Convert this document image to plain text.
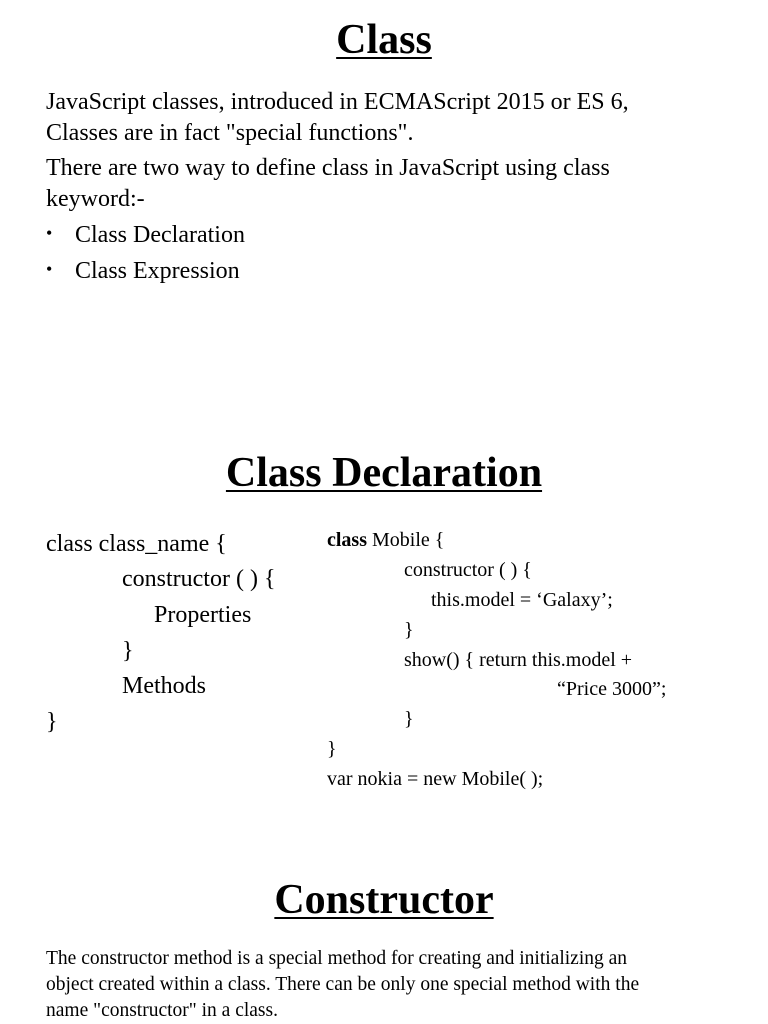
Class
JavaScript classes, introduced in ECMAScript 2015 or ES 6,
Classes are in fact "special functions".
There are two way to define class in JavaScript using class
keyword:-
• Class Declaration
• Class Expression
Class Declaration
class class_name {
constructor ( ) {
Properties
}
Methods
}
class Mobile {
constructor ( ) {
this.model = ‘Galaxy’;
}
show() { return this.model +
“Price 3000”;
}
}
var nokia = new Mobile( );
Constructor
The constructor method is a special method for creating and initializing an
object created within a class. There can be only one special method with the
name "constructor" in a class.
